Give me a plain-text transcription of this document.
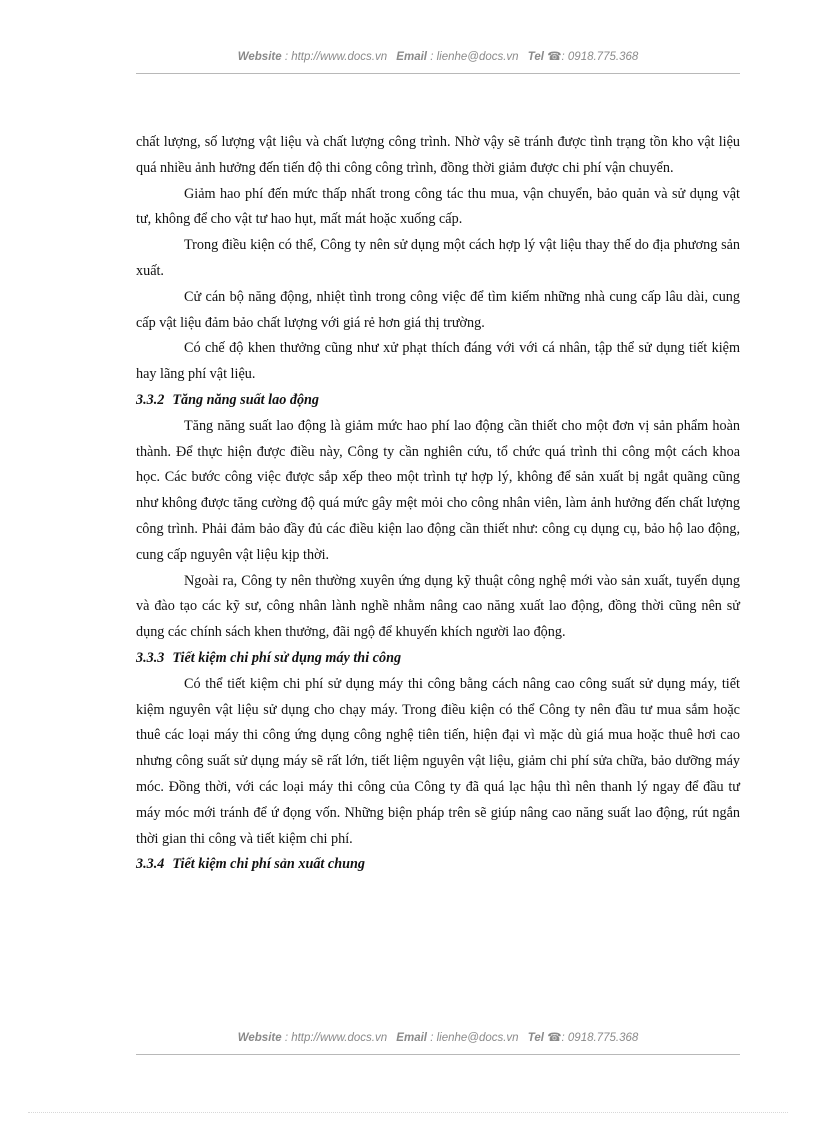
Website : http://www.docs.vn Email : lienhe@docs.vn Tel ☎: 0918.775.368

chất lượng, số lượng vật liệu và chất lượng công trình. Nhờ vậy sẽ tránh được tình trạng tồn kho vật liệu quá nhiều ảnh hưởng đến tiến độ thi công công trình, đồng thời giảm được chi phí vận chuyển.

Giảm hao phí đến mức thấp nhất trong công tác thu mua, vận chuyển, bảo quản và sử dụng vật tư, không để cho vật tư hao hụt, mất mát hoặc xuống cấp.

Trong điều kiện có thể, Công ty nên sử dụng một cách hợp lý vật liệu thay thế do địa phương sản xuất.

Cử cán bộ năng động, nhiệt tình trong công việc để tìm kiếm những nhà cung cấp lâu dài, cung cấp vật liệu đảm bảo chất lượng với giá rẻ hơn giá thị trường.

Có chế độ khen thưởng cũng như xử phạt thích đáng với với cá nhân, tập thể sử dụng tiết kiệm hay lãng phí vật liệu.

3.3.2 Tăng năng suất lao động

Tăng năng suất lao động là giảm mức hao phí lao động cần thiết cho một đơn vị sản phẩm hoàn thành. Để thực hiện được điều này, Công ty cần nghiên cứu, tổ chức quá trình thi công một cách khoa học. Các bước công việc được sắp xếp theo một trình tự hợp lý, không để sản xuất bị ngắt quãng cũng như không được tăng cường độ quá mức gây mệt mỏi cho công nhân viên, làm ảnh hưởng đến chất lượng công trình. Phải đảm bảo đầy đủ các điều kiện lao động cần thiết như: công cụ dụng cụ, bảo hộ lao động, cung cấp nguyên vật liệu kịp thời.

Ngoài ra, Công ty nên thường xuyên ứng dụng kỹ thuật công nghệ mới vào sản xuất, tuyển dụng và đào tạo các kỹ sư, công nhân lành nghề nhằm nâng cao năng xuất lao động, đồng thời cũng nên sử dụng các chính sách khen thưởng, đãi ngộ để khuyến khích người lao động.

3.3.3 Tiết kiệm chi phí sử dụng máy thi công

Có thể tiết kiệm chi phí sử dụng máy thi công bằng cách nâng cao công suất sử dụng máy, tiết kiệm nguyên vật liệu sử dụng cho chạy máy. Trong điều kiện có thể Công ty nên đầu tư mua sắm hoặc thuê các loại máy thi công ứng dụng công nghệ tiên tiến, hiện đại vì mặc dù giá mua hoặc thuê hơi cao nhưng công suất sử dụng máy sẽ rất lớn, tiết liệm nguyên vật liệu, giảm chi phí sửa chữa, bảo dưỡng máy móc. Đồng thời, với các loại máy thi công của Công ty đã quá lạc hậu thì nên thanh lý ngay để đầu tư máy móc mới tránh để ứ đọng vốn. Những biện pháp trên sẽ giúp nâng cao năng suất lao động, rút ngắn thời gian thi công và tiết kiệm chi phí.

3.3.4 Tiết kiệm chi phí sản xuất chung
Website : http://www.docs.vn Email : lienhe@docs.vn Tel ☎: 0918.775.368
